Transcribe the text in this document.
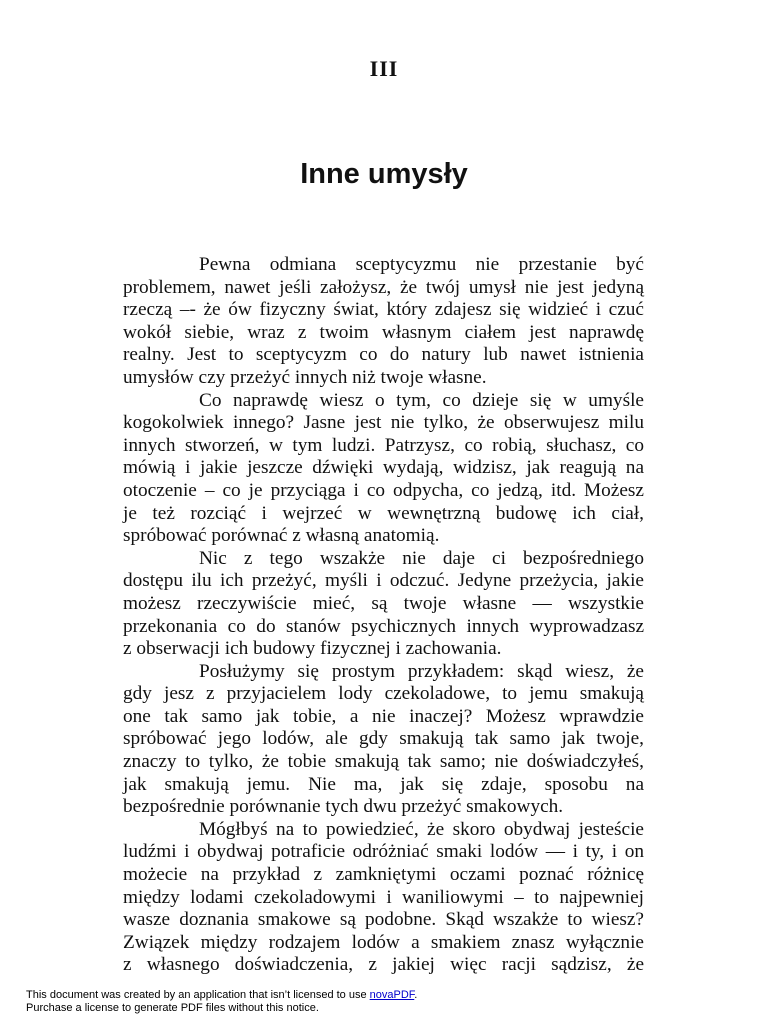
III
Inne umysły
Pewna odmiana sceptycyzmu nie przestanie być
problemem, nawet jeśli założysz, że twój umysł nie jest jedyną
rzeczą –- że ów fizyczny świat, który zdajesz się widzieć i czuć
wokół siebie, wraz z twoim własnym ciałem jest naprawdę
realny. Jest to sceptycyzm co do natury lub nawet istnienia
umysłów czy przeżyć innych niż twoje własne.
Co naprawdę wiesz o tym, co dzieje się w umyśle
kogokolwiek innego? Jasne jest nie tylko, że obserwujesz milu
innych stworzeń, w tym ludzi. Patrzysz, co robią, słuchasz, co
mówią i jakie jeszcze dźwięki wydają, widzisz, jak reagują na
otoczenie – co je przyciąga i co odpycha, co jedzą, itd. Możesz
je też rozciąć i wejrzeć w wewnętrzną budowę ich ciał,
spróbować porównać z własną anatomią.
Nic z tego wszakże nie daje ci bezpośredniego
dostępu ilu ich przeżyć, myśli i odczuć. Jedyne przeżycia, jakie
możesz rzeczywiście mieć, są twoje własne — wszystkie
przekonania co do stanów psychicznych innych wyprowadzasz
z obserwacji ich budowy fizycznej i zachowania.
Posłużymy się prostym przykładem: skąd wiesz, że
gdy jesz z przyjacielem lody czekoladowe, to jemu smakują
one tak samo jak tobie, a nie inaczej? Możesz wprawdzie
spróbować jego lodów, ale gdy smakują tak samo jak twoje,
znaczy to tylko, że tobie smakują tak samo; nie doświadczyłeś,
jak smakują jemu. Nie ma, jak się zdaje, sposobu na
bezpośrednie porównanie tych dwu przeżyć smakowych.
Mógłbyś na to powiedzieć, że skoro obydwaj jesteście
ludźmi i obydwaj potraficie odróżniać smaki lodów — i ty, i on
możecie na przykład z zamkniętymi oczami poznać różnicę
między lodami czekoladowymi i waniliowymi – to najpewniej
wasze doznania smakowe są podobne. Skąd wszakże to wiesz?
Związek między rodzajem lodów a smakiem znasz wyłącznie
z własnego doświadczenia, z jakiej więc racji sądzisz, że
This document was created by an application that isn’t licensed to use novaPDF.
Purchase a license to generate PDF files without this notice.
